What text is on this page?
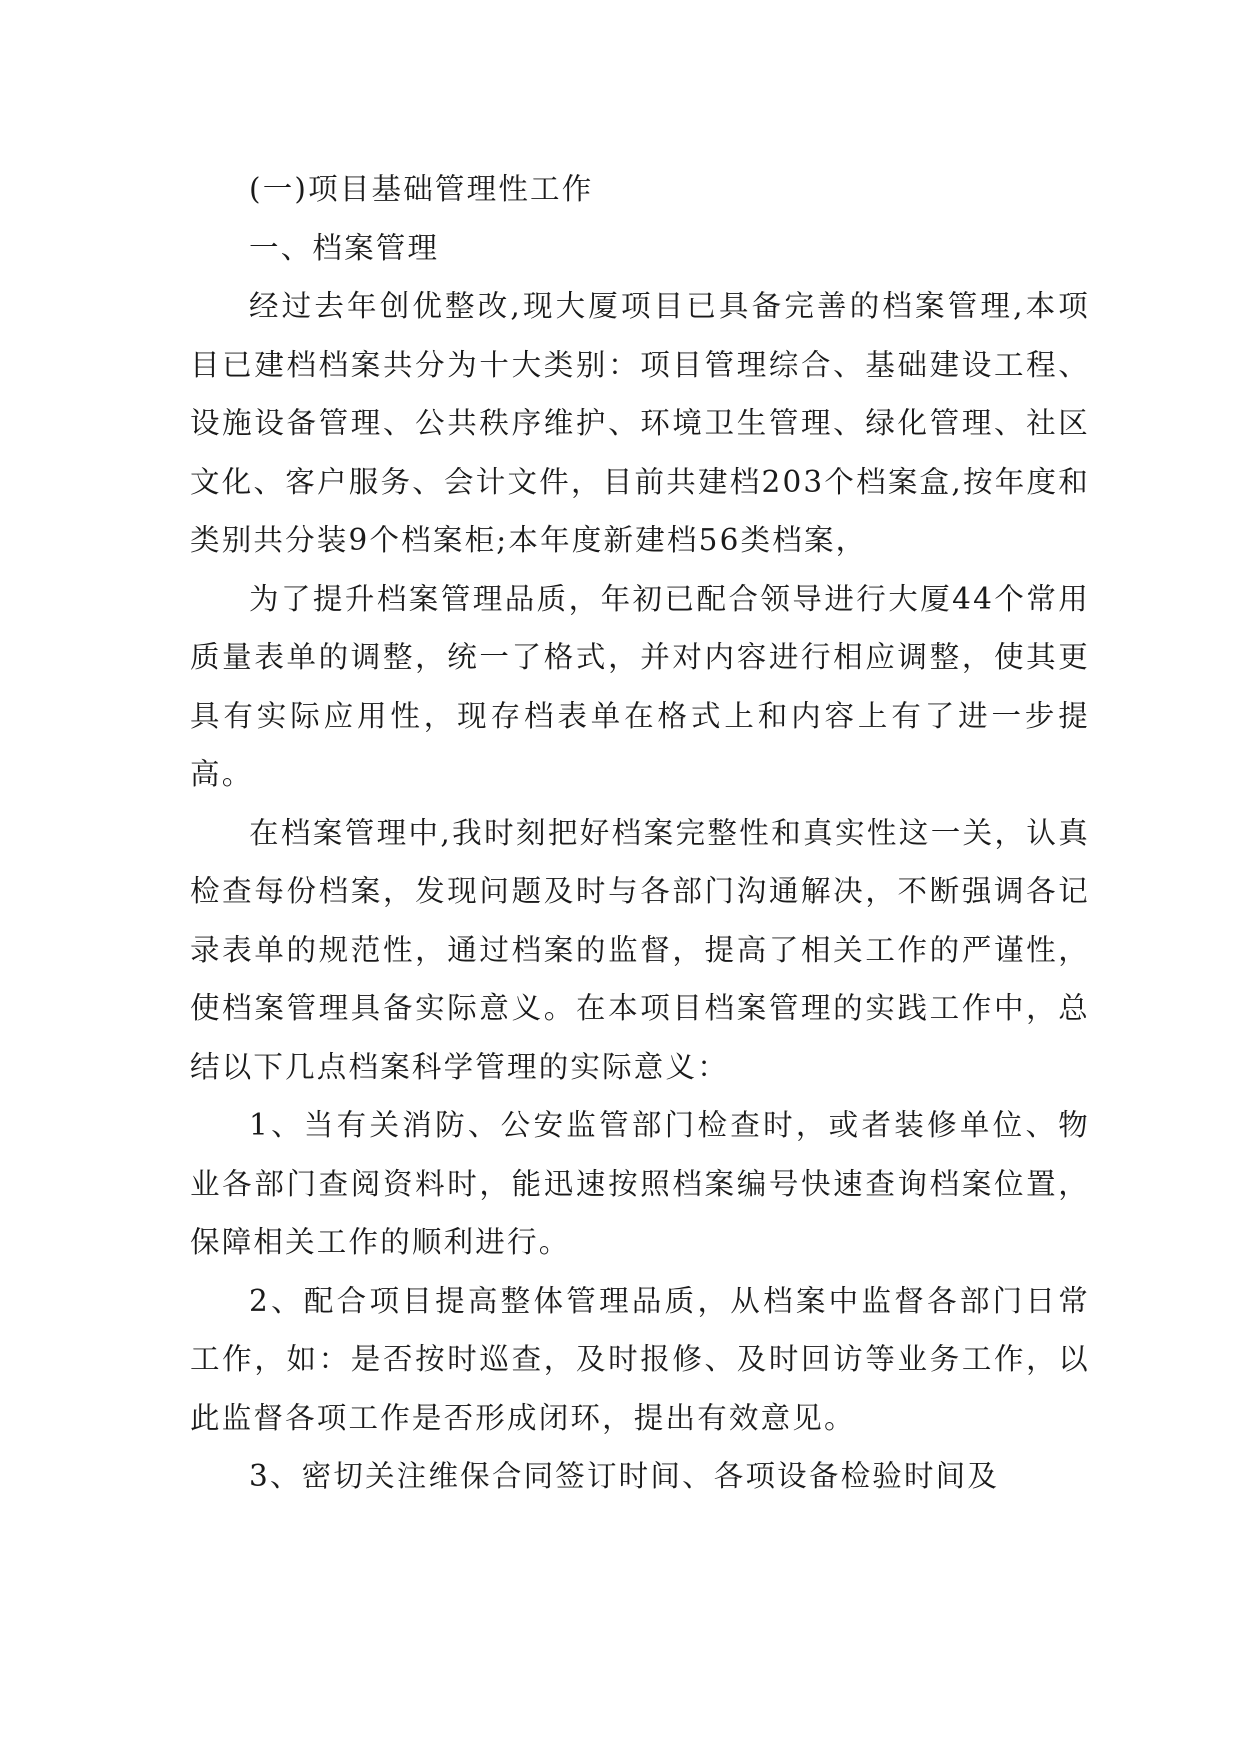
(一)项目基础管理性工作

一、档案管理

经过去年创优整改,现大厦项目已具备完善的档案管理,本项目已建档档案共分为十大类别：项目管理综合、基础建设工程、设施设备管理、公共秩序维护、环境卫生管理、绿化管理、社区文化、客户服务、会计文件，目前共建档203个档案盒,按年度和类别共分装9个档案柜;本年度新建档56类档案，

为了提升档案管理品质，年初已配合领导进行大厦44个常用质量表单的调整，统一了格式，并对内容进行相应调整，使其更具有实际应用性，现存档表单在格式上和内容上有了进一步提高。

在档案管理中,我时刻把好档案完整性和真实性这一关，认真检查每份档案，发现问题及时与各部门沟通解决，不断强调各记录表单的规范性，通过档案的监督，提高了相关工作的严谨性，使档案管理具备实际意义。在本项目档案管理的实践工作中，总结以下几点档案科学管理的实际意义：

1、当有关消防、公安监管部门检查时，或者装修单位、物业各部门查阅资料时，能迅速按照档案编号快速查询档案位置，保障相关工作的顺利进行。

2、配合项目提高整体管理品质，从档案中监督各部门日常工作，如：是否按时巡查，及时报修、及时回访等业务工作，以此监督各项工作是否形成闭环，提出有效意见。

3、密切关注维保合同签订时间、各项设备检验时间及
